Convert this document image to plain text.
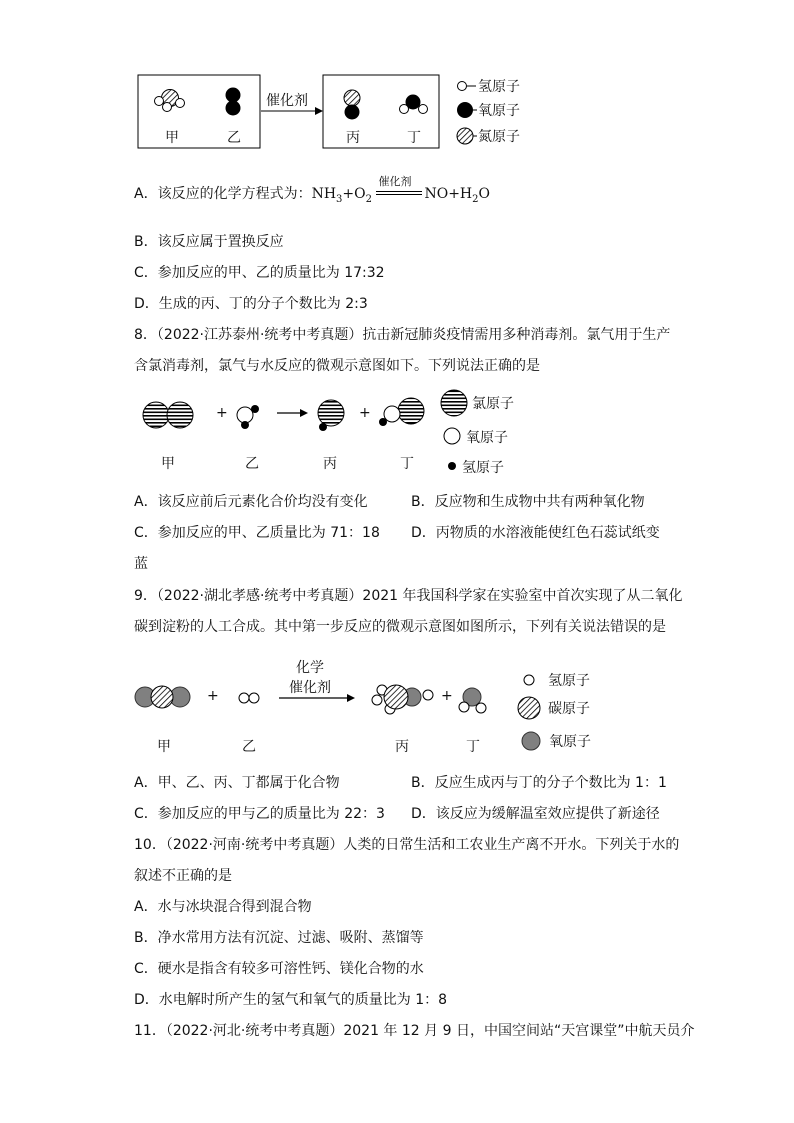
催化剂
甲	乙	丙	丁
氢原子
氧原子
氮原子
A．该反应的化学方程式为：$NH_3+O_2$
催化剂
$NO+H_2O$
B．该反应属于置换反应
C．参加反应的甲、乙的质量比为 17:32
D．生成的丙、丁的分子个数比为 2:3
8．（2022·江苏泰州·统考中考真题）抗击新冠肺炎疫情需用多种消毒剂。氯气用于生产
含氯消毒剂，氯气与水反应的微观示意图如下。下列说法正确的是
+	+
氯原子
氧原子
氢原子
甲	乙	丙	丁
A．该反应前后元素化合价均没有变化	B．反应物和生成物中共有两种氧化物
C．参加反应的甲、乙质量比为 71：18 D．丙物质的水溶液能使红色石蕊试纸变
蓝
9．（2022·湖北孝感·统考中考真题）2021 年我国科学家在实验室中首次实现了从二氧化
碳到淀粉的人工合成。其中第一步反应的微观示意图如图所示，下列有关说法错误的是
化学
催化剂
+	+
氢原子
碳原子
氧原子
甲	乙	丙	丁
A．甲、乙、丙、丁都属于化合物	B．反应生成丙与丁的分子个数比为 1：1
C．参加反应的甲与乙的质量比为 22：3 D．该反应为缓解温室效应提供了新途径
10．（2022·河南·统考中考真题）人类的日常生活和工农业生产离不开水。下列关于水的
叙述不正确的是
A．水与冰块混合得到混合物
B．净水常用方法有沉淀、过滤、吸附、蒸馏等
C．硬水是指含有较多可溶性钙、镁化合物的水
D．水电解时所产生的氢气和氧气的质量比为 1：8
11．（2022·河北·统考中考真题）2021 年 12 月 9 日，中国空间站“天宫课堂”中航天员介
